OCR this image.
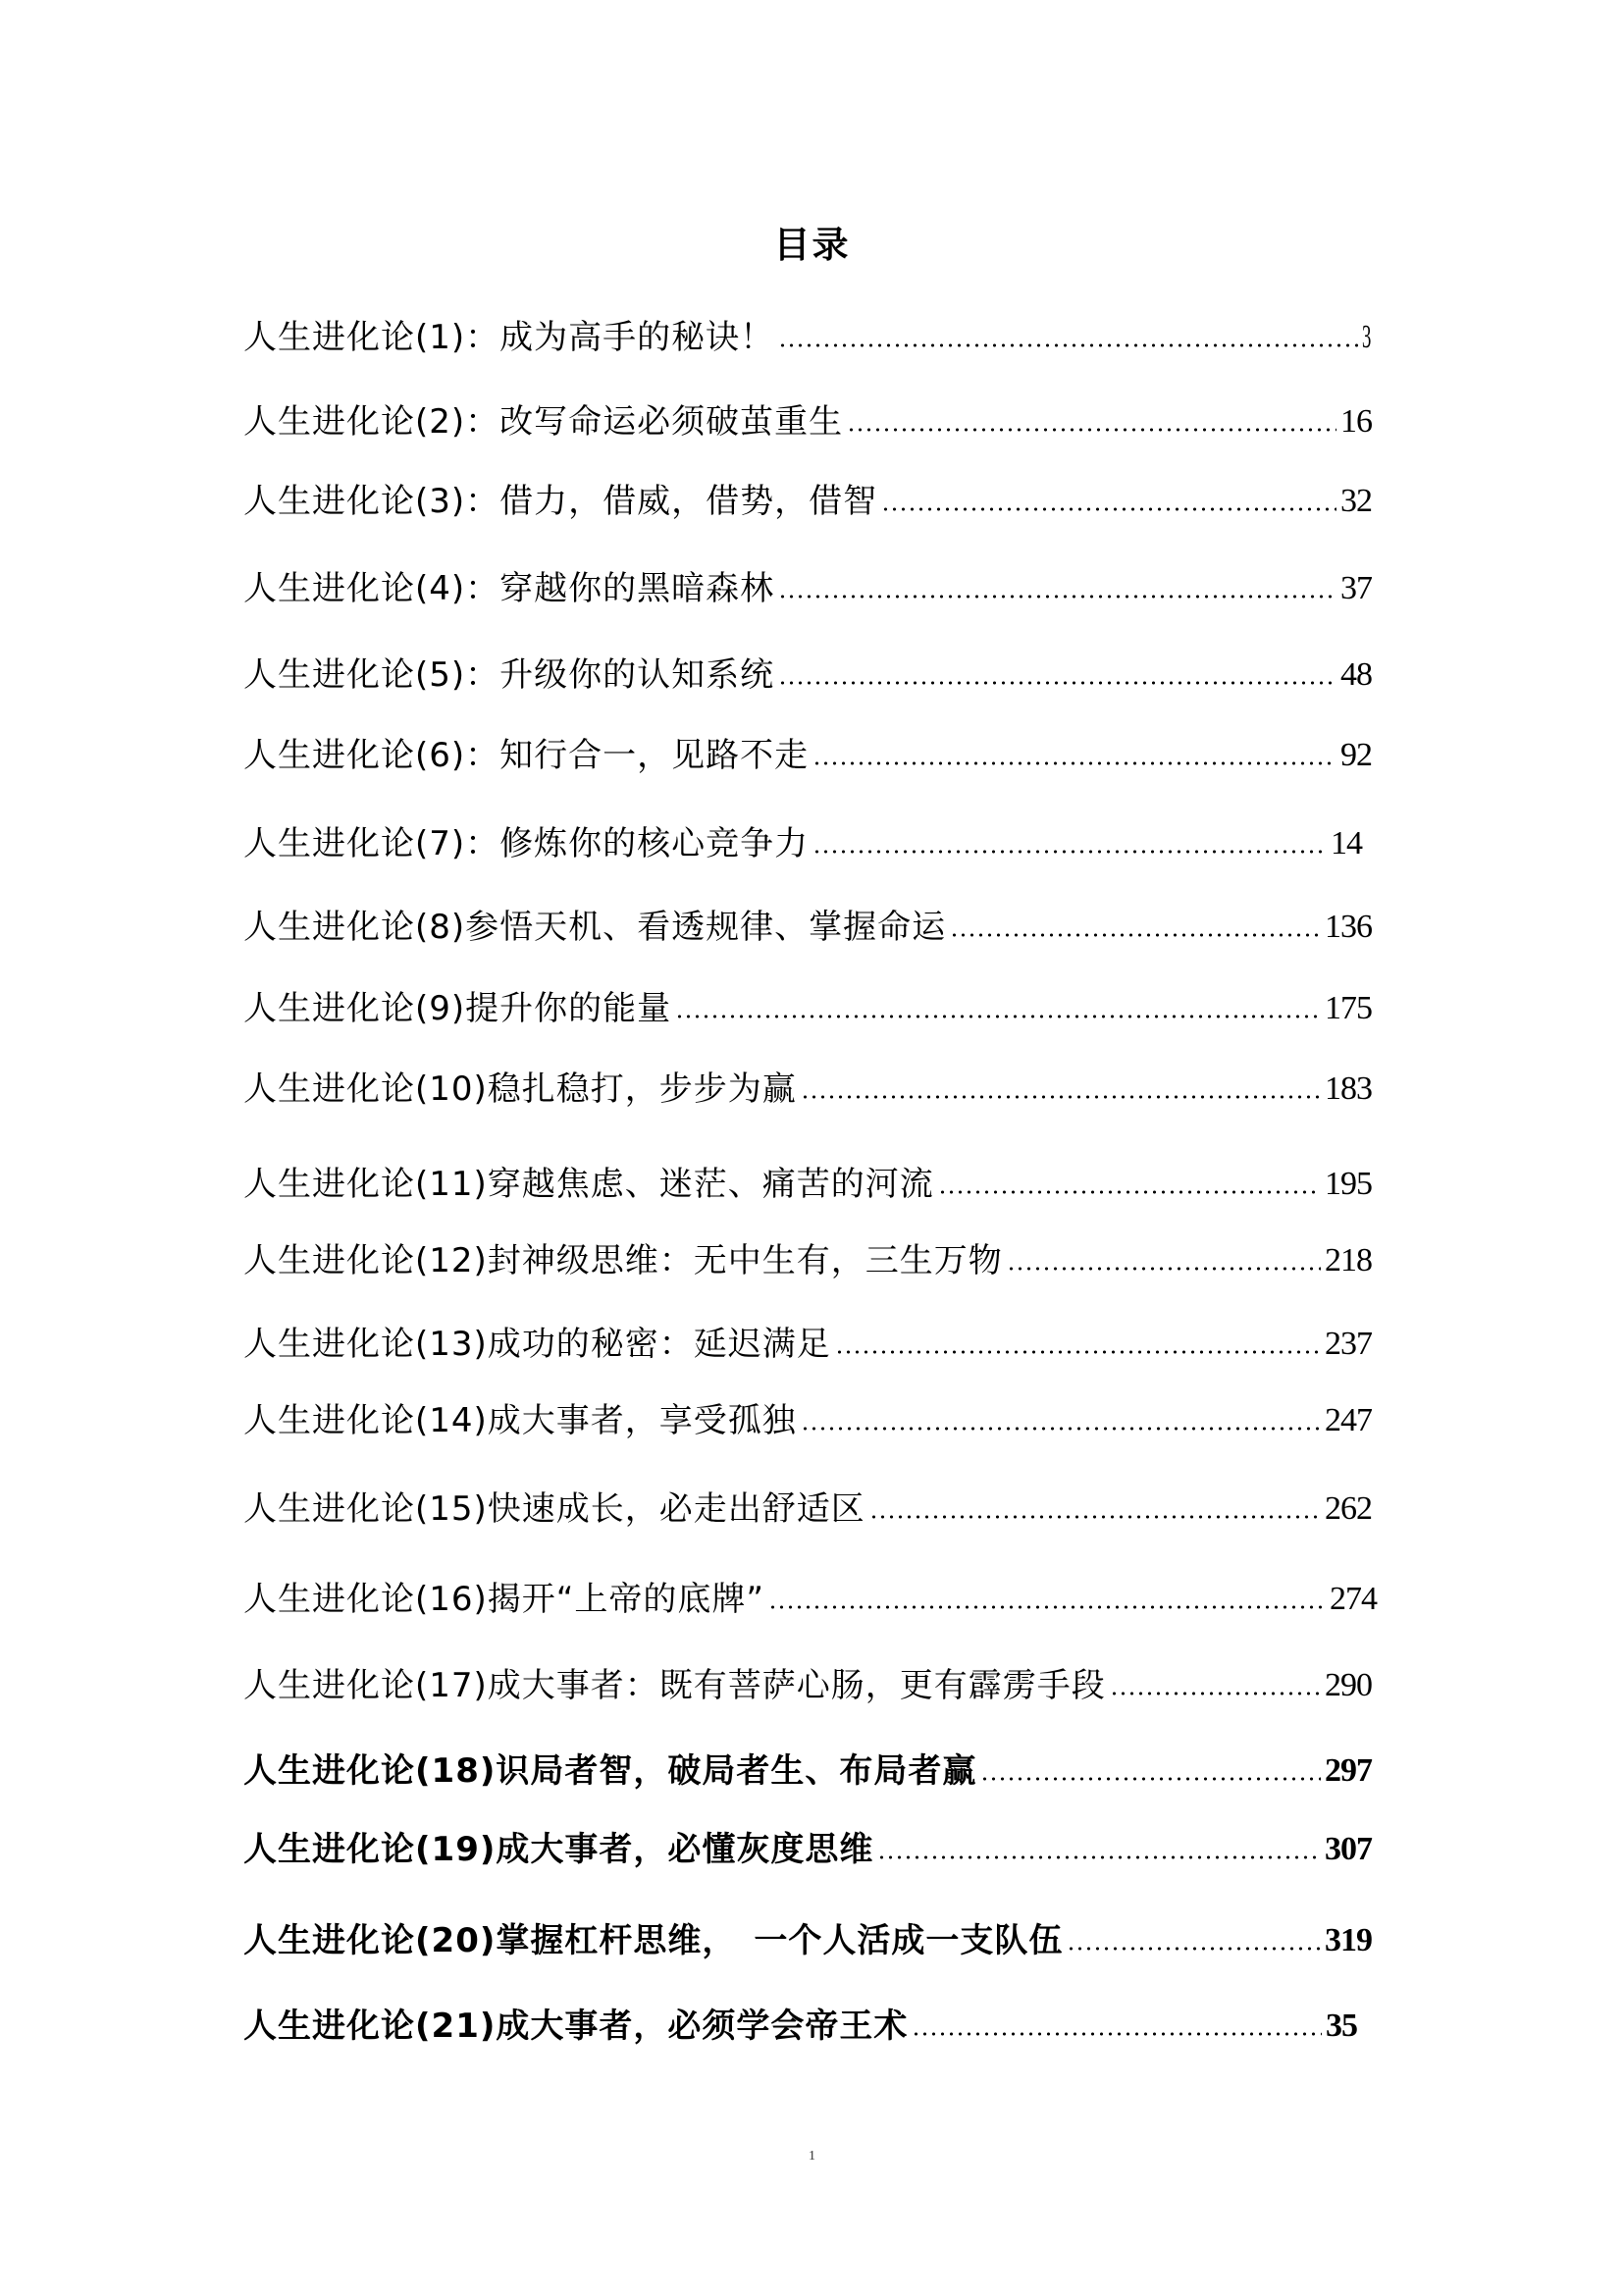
目录
人生进化论(1)：成为高手的秘诀！	3
人生进化论(2)：改写命运必须破茧重生	16
人生进化论(3)：借力，借威，借势，借智	32
人生进化论(4)：穿越你的黑暗森林	37
人生进化论(5)：升级你的认知系统	48
人生进化论(6)：知行合一，见路不走	92
人生进化论(7)：修炼你的核心竞争力	14
人生进化论(8)参悟天机、看透规律、掌握命运	136
人生进化论(9)提升你的能量	175
人生进化论(10)稳扎稳打，步步为赢	183
人生进化论(11)穿越焦虑、迷茫、痛苦的河流	195
人生进化论(12)封神级思维：无中生有，三生万物	218
人生进化论(13)成功的秘密：延迟满足	237
人生进化论(14)成大事者，享受孤独	247
人生进化论(15)快速成长，必走出舒适区	262
人生进化论(16)揭开“上帝的底牌”	274
人生进化论(17)成大事者：既有菩萨心肠，更有霹雳手段	290
人生进化论(18)识局者智，破局者生、布局者赢	297
人生进化论(19)成大事者，必懂灰度思维	307
人生进化论(20)掌握杠杆思维，　一个人活成一支队伍	319
人生进化论(21)成大事者，必须学会帝王术	35
1
